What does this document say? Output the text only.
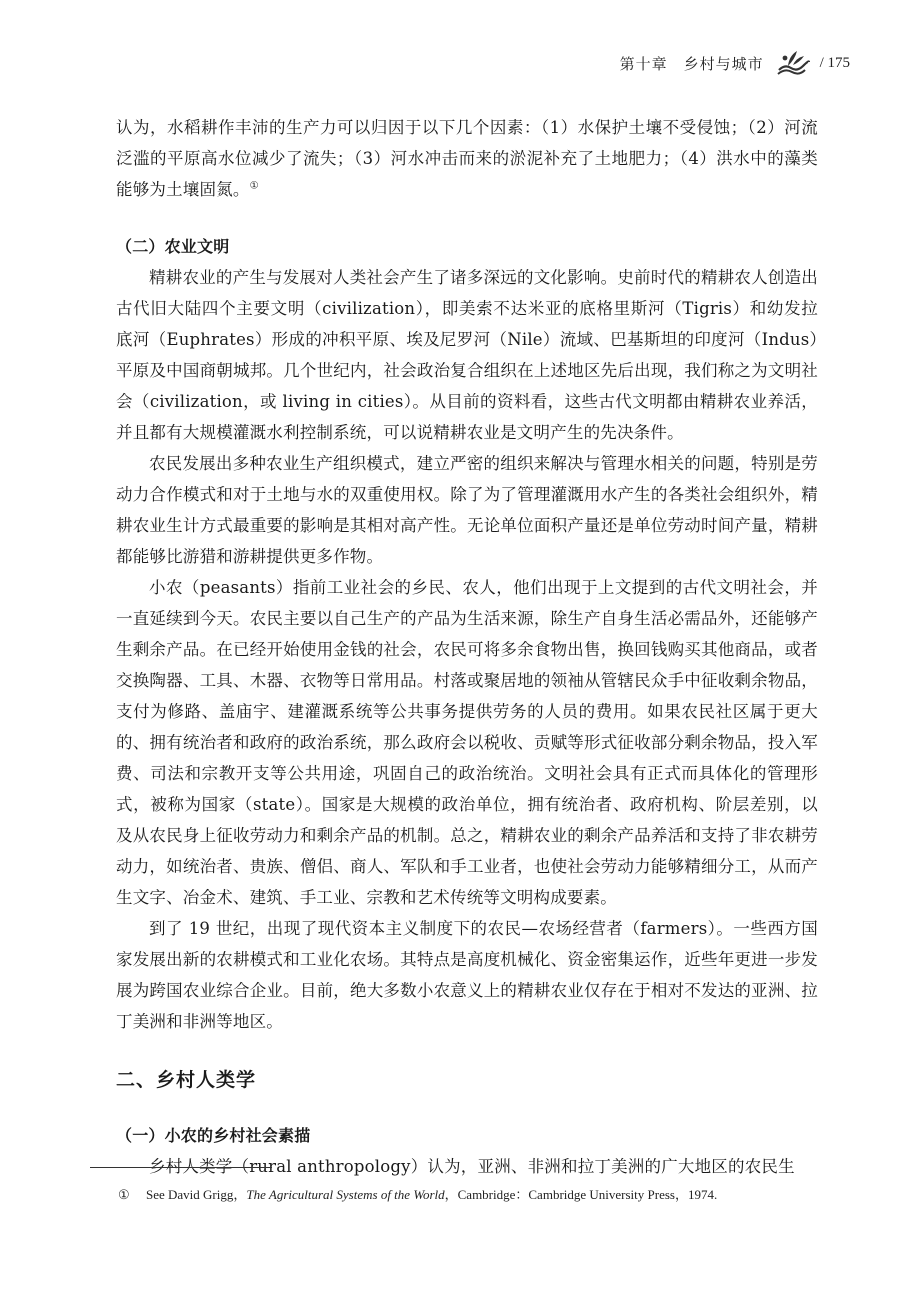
第十章　乡村与城市	/ 175

认为，水稻耕作丰沛的生产力可以归因于以下几个因素：（1）水保护土壤不受侵蚀；（2）河流泛滥的平原高水位减少了流失；（3）河水冲击而来的淤泥补充了土地肥力；（4）洪水中的藻类能够为土壤固氮。①

（二）农业文明

精耕农业的产生与发展对人类社会产生了诸多深远的文化影响。史前时代的精耕农人创造出古代旧大陆四个主要文明（civilization），即美索不达米亚的底格里斯河（Tigris）和幼发拉底河（Euphrates）形成的冲积平原、埃及尼罗河（Nile）流域、巴基斯坦的印度河（Indus）平原及中国商朝城邦。几个世纪内，社会政治复合组织在上述地区先后出现，我们称之为文明社会（civilization，或 living in cities）。从目前的资料看，这些古代文明都由精耕农业养活，并且都有大规模灌溉水利控制系统，可以说精耕农业是文明产生的先决条件。

农民发展出多种农业生产组织模式，建立严密的组织来解决与管理水相关的问题，特别是劳动力合作模式和对于土地与水的双重使用权。除了为了管理灌溉用水产生的各类社会组织外，精耕农业生计方式最重要的影响是其相对高产性。无论单位面积产量还是单位劳动时间产量，精耕都能够比游猎和游耕提供更多作物。

小农（peasants）指前工业社会的乡民、农人，他们出现于上文提到的古代文明社会，并一直延续到今天。农民主要以自己生产的产品为生活来源，除生产自身生活必需品外，还能够产生剩余产品。在已经开始使用金钱的社会，农民可将多余食物出售，换回钱购买其他商品，或者交换陶器、工具、木器、衣物等日常用品。村落或聚居地的领袖从管辖民众手中征收剩余物品，支付为修路、盖庙宇、建灌溉系统等公共事务提供劳务的人员的费用。如果农民社区属于更大的、拥有统治者和政府的政治系统，那么政府会以税收、贡赋等形式征收部分剩余物品，投入军费、司法和宗教开支等公共用途，巩固自己的政治统治。文明社会具有正式而具体化的管理形式，被称为国家（state）。国家是大规模的政治单位，拥有统治者、政府机构、阶层差别，以及从农民身上征收劳动力和剩余产品的机制。总之，精耕农业的剩余产品养活和支持了非农耕劳动力，如统治者、贵族、僧侣、商人、军队和手工业者，也使社会劳动力能够精细分工，从而产生文字、冶金术、建筑、手工业、宗教和艺术传统等文明构成要素。

到了 19 世纪，出现了现代资本主义制度下的农民—农场经营者（farmers）。一些西方国家发展出新的农耕模式和工业化农场。其特点是高度机械化、资金密集运作，近些年更进一步发展为跨国农业综合企业。目前，绝大多数小农意义上的精耕农业仅存在于相对不发达的亚洲、拉丁美洲和非洲等地区。

二、乡村人类学
（一）小农的乡村社会素描

乡村人类学（rural anthropology）认为，亚洲、非洲和拉丁美洲的广大地区的农民生

① See David Grigg，The Agricultural Systems of the World，Cambridge：Cambridge University Press，1974.
